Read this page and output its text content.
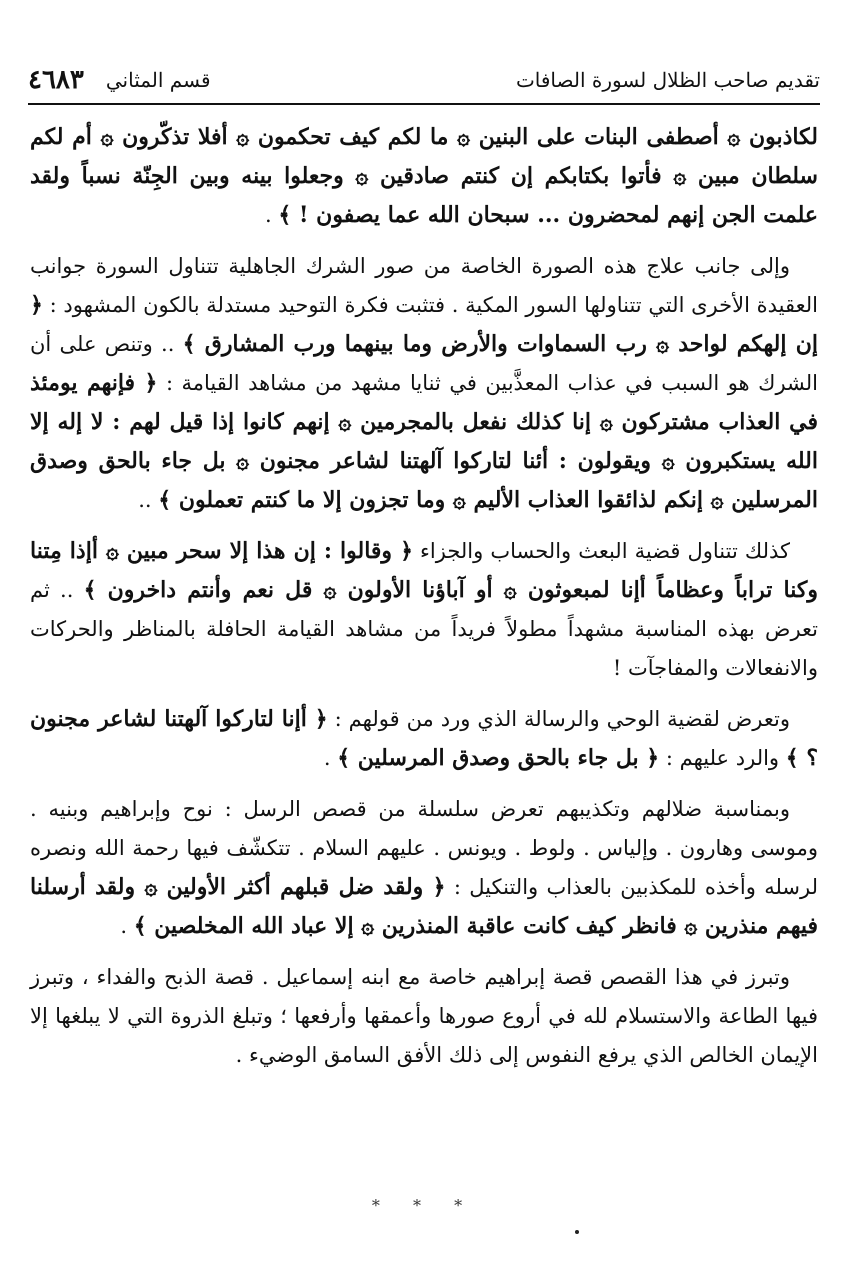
تقديم صاحب الظلال لسورة الصافات
قسم المثاني
٤٦٨٣

لكاذبون ۞ أصطفى البنات على البنين ۞ ما لكم كيف تحكمون ۞ أفلا تذكّرون ۞ أم لكم سلطان مبين ۞ فأتوا بكتابكم إن كنتم صادقين ۞ وجعلوا بينه وبين الجِنّة نسباً ولقد علمت الجن إنهم لمحضرون ... سبحان الله عما يصفون ! ﴾ .

وإلى جانب علاج هذه الصورة الخاصة من صور الشرك الجاهلية تتناول السورة جوانب العقيدة الأخرى التي تتناولها السور المكية . فتثبت فكرة التوحيد مستدلة بالكون المشهود : ﴿ إن إلهكم لواحد ۞ رب السماوات والأرض وما بينهما ورب المشارق ﴾ .. وتنص على أن الشرك هو السبب في عذاب المعذَّبين في ثنايا مشهد من مشاهد القيامة : ﴿ فإنهم يومئذ في العذاب مشتركون ۞ إنا كذلك نفعل بالمجرمين ۞ إنهم كانوا إذا قيل لهم : لا إله إلا الله يستكبرون ۞ ويقولون : أئنا لتاركوا آلهتنا لشاعر مجنون ۞ بل جاء بالحق وصدق المرسلين ۞ إنكم لذائقوا العذاب الأليم ۞ وما تجزون إلا ما كنتم تعملون ﴾ ..

كذلك تتناول قضية البعث والحساب والجزاء ﴿ وقالوا : إن هذا إلا سحر مبين ۞ أإذا مِتنا وكنا تراباً وعظاماً أإنا لمبعوثون ۞ أو آباؤنا الأولون ۞ قل نعم وأنتم داخرون ﴾ .. ثم تعرض بهذه المناسبة مشهداً مطولاً فريداً من مشاهد القيامة الحافلة بالمناظر والحركات والانفعالات والمفاجآت !

وتعرض لقضية الوحي والرسالة الذي ورد من قولهم : ﴿ أإنا لتاركوا آلهتنا لشاعر مجنون ؟ ﴾ والرد عليهم : ﴿ بل جاء بالحق وصدق المرسلين ﴾ .

وبمناسبة ضلالهم وتكذيبهم تعرض سلسلة من قصص الرسل : نوح وإبراهيم وبنيه . وموسى وهارون . وإلياس . ولوط . ويونس . عليهم السلام . تتكشّف فيها رحمة الله ونصره لرسله وأخذه للمكذبين بالعذاب والتنكيل : ﴿ ولقد ضل قبلهم أكثر الأولين ۞ ولقد أرسلنا فيهم منذرين ۞ فانظر كيف كانت عاقبة المنذرين ۞ إلا عباد الله المخلصين ﴾ .

وتبرز في هذا القصص قصة إبراهيم خاصة مع ابنه إسماعيل . قصة الذبح والفداء ، وتبرز فيها الطاعة والاستسلام لله في أروع صورها وأعمقها وأرفعها ؛ وتبلغ الذروة التي لا يبلغها إلا الإيمان الخالص الذي يرفع النفوس إلى ذلك الأفق السامق الوضيء .

* * *
